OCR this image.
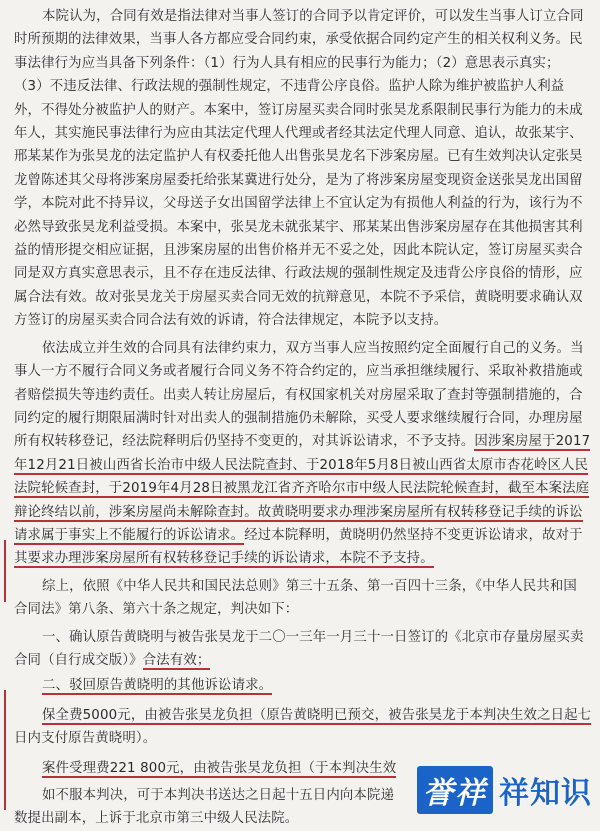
本院认为，合同有效是指法律对当事人签订的合同予以肯定评价，可以发生当事人订立合同
时所预期的法律效果，当事人各方都应受合同约束，承受依据合同约定产生的相关权利义务。民
事法律行为应当具备下列条件：（1）行为人具有相应的民事行为能力；（2）意思表示真实；
（3）不违反法律、行政法规的强制性规定，不违背公序良俗。监护人除为维护被监护人利益
外，不得处分被监护人的财产。本案中，签订房屋买卖合同时张昊龙系限制民事行为能力的未成
年人，其实施民事法律行为应由其法定代理人代理或者经其法定代理人同意、追认，故张某宇、
邢某某作为张昊龙的法定监护人有权委托他人出售张昊龙名下涉案房屋。已有生效判决认定张昊
龙曾陈述其父母将涉案房屋委托给张某冀进行处分，是为了将涉案房屋变现资金送张昊龙出国留
学，本院对此不持异议，父母送子女出国留学法律上不宜认定为有损他人利益的行为，该行为不
必然导致张昊龙利益受损。本案中，张昊龙未就张某宇、邢某某出售涉案房屋存在其他损害其利
益的情形提交相应证据，且涉案房屋的出售价格并无不妥之处，因此本院认定，签订房屋买卖合
同是双方真实意思表示，且不存在违反法律、行政法规的强制性规定及违背公序良俗的情形，应
属合法有效。故对张昊龙关于房屋买卖合同无效的抗辩意见，本院不予采信，黄晓明要求确认双
方签订的房屋买卖合同合法有效的诉请，符合法律规定，本院予以支持。
依法成立并生效的合同具有法律约束力，双方当事人应当按照约定全面履行自己的义务。当
事人一方不履行合同义务或者履行合同义务不符合约定的，应当承担继续履行、采取补救措施或
者赔偿损失等违约责任。出卖人转让房屋后，有权国家机关对房屋采取了查封等强制措施的，合
同约定的履行期限届满时针对出卖人的强制措施仍未解除，买受人要求继续履行合同，办理房屋
所有权转移登记，经法院释明后仍坚持不变更的，对其诉讼请求，不予支持。因涉案房屋于2017
年12月21日被山西省长治市中级人民法院查封、于2018年5月8日被山西省太原市杏花岭区人民
法院轮候查封，于2019年4月28日被黑龙江省齐齐哈尔市中级人民法院轮候查封，截至本案法庭
辩论终结以前，涉案房屋尚未解除查封。故黄晓明要求办理涉案房屋所有权转移登记手续的诉讼
请求属于事实上不能履行的诉讼请求。经过本院释明，黄晓明仍然坚持不变更诉讼请求，故对于
其要求办理涉案房屋所有权转移登记手续的诉讼请求，本院不予支持。
综上，依照《中华人民共和国民法总则》第三十五条、第一百四十三条，《中华人民共和国
合同法》第八条、第六十条之规定，判决如下：
一、确认原告黄晓明与被告张昊龙于二〇一三年一月三十一日签订的《北京市存量房屋买卖
合同（自行成交版）》合法有效；
二、驳回原告黄晓明的其他诉讼请求。
保全费5000元，由被告张昊龙负担（原告黄晓明已预交，被告张昊龙于本判决生效之日起七
日内支付原告黄晓明）。
案件受理费221 800元，由被告张昊龙负担（于本判决生效
如不服本判决，可于本判决书送达之日起十五日内向本院递
数提出副本，上诉于北京市第三中级人民法院。
誉祥 祥知识
